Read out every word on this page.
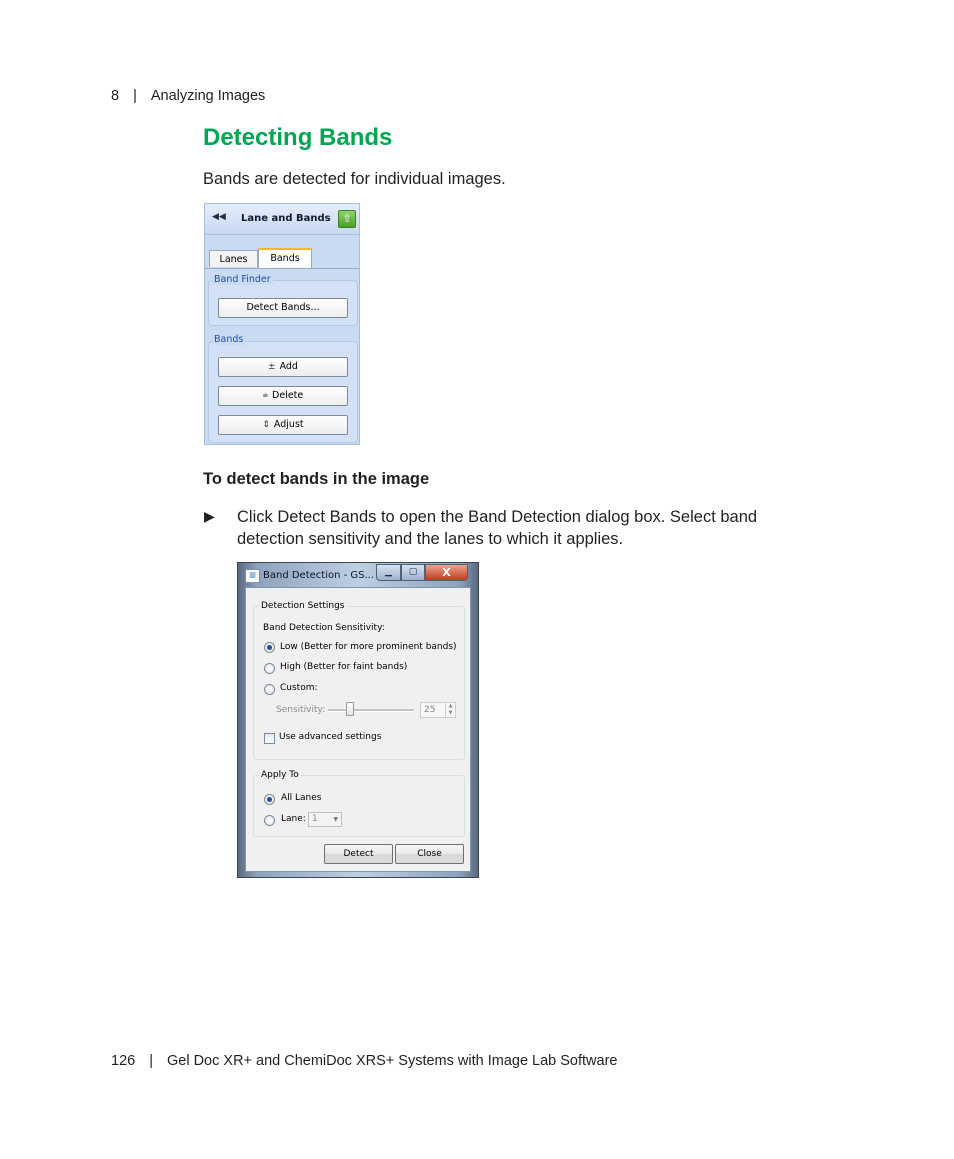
8 | Analyzing Images
Detecting Bands
Bands are detected for individual images.
◀◀ Lane and Bands	⇧
Lanes	Bands
Band Finder
Detect Bands...
Bands
± Add
⩧ Delete
⇕ Adjust
To detect bands in the image
▶ Click Detect Bands to open the Band Detection dialog box. Select band detection sensitivity and the lanes to which it applies.
▥ Band Detection - GS...	▁	▢	X
Detection Settings
Band Detection Sensitivity:
Low (Better for more prominent bands)
High (Better for faint bands)
Custom:
Sensitivity:	25	▲
▼
Use advanced settings
Apply To
All Lanes
Lane: 1	▼
Detect	Close
126 | Gel Doc XR+ and ChemiDoc XRS+ Systems with Image Lab Software
